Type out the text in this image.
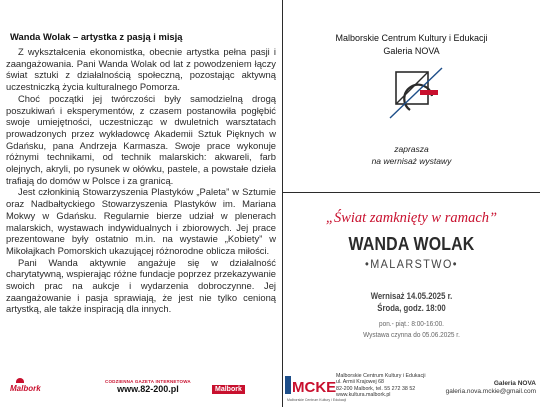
Wanda Wolak – artystka z pasją i misją

Z wykształcenia ekonomistka, obecnie artystka pełna pasji i zaangażowania. Pani Wanda Wolak od lat z powodzeniem łączy świat sztuki z działalnością społeczną, pozostając aktywną uczestniczką życia kulturalnego Pomorza.

Choć początki jej twórczości były samodzielną drogą poszukiwań i eksperymentów, z czasem postanowiła pogłębić swoje umiejętności, uczestnicząc w dwuletnich warsztatach prowadzonych przez wykładowcę Akademii Sztuk Pięknych w Gdańsku, pana Andrzeja Karmasza. Swoje prace wykonuje różnymi technikami, od technik malarskich: akwareli, farb olejnych, akryli, po rysunek w ołówku, pastele, a powstałe dzieła trafiają do domów w Polsce i za granicą.

Jest członkinią Stowarzyszenia Plastyków „Paleta” w Sztumie oraz Nadbałtyckiego Stowarzyszenia Plastyków im. Mariana Mokwy w Gdańsku. Regularnie bierze udział w plenerach malarskich, wystawach indywidualnych i zbiorowych. Jej prace prezentowane były ostatnio m.in. na wystawie „Kobiety” w Mikołajkach Pomorskich ukazującej różnorodne oblicza miłości.

Pani Wanda aktywnie angażuje się w działalność charytatywną, wspierając różne fundacje poprzez przekazywanie swoich prac na aukcje i wydarzenia dobroczynne. Jej zaangażowanie i pasja sprawiają, że jest nie tylko cenioną artystką, ale także inspiracją dla innych.

Malbork
CODZIENNA GAZETA INTERNETOWA
www.82-200.pl	Malbork
Malborskie Centrum Kultury i Edukacji
Galeria NOVA
zaprasza
na wernisaż wystawy
„Świat zamknięty w ramach”
WANDA WOLAK
•MALARSTWO•
Wernisaż 14.05.2025 r.
Środa, godz. 18:00
pon.- piąt.: 8:00-16:00.
Wystawa czynna do 05.06.2025 r.
MCKE
Malborskie Centrum Kultury i Edukacji
Malborskie Centrum Kultury i Edukacji
ul. Armii Krajowej 68
82-200 Malbork, tel. 55 272 38 52
www.kultura.malbork.pl
Galeria NOVA
galeria.nova.mckie@gmail.com
